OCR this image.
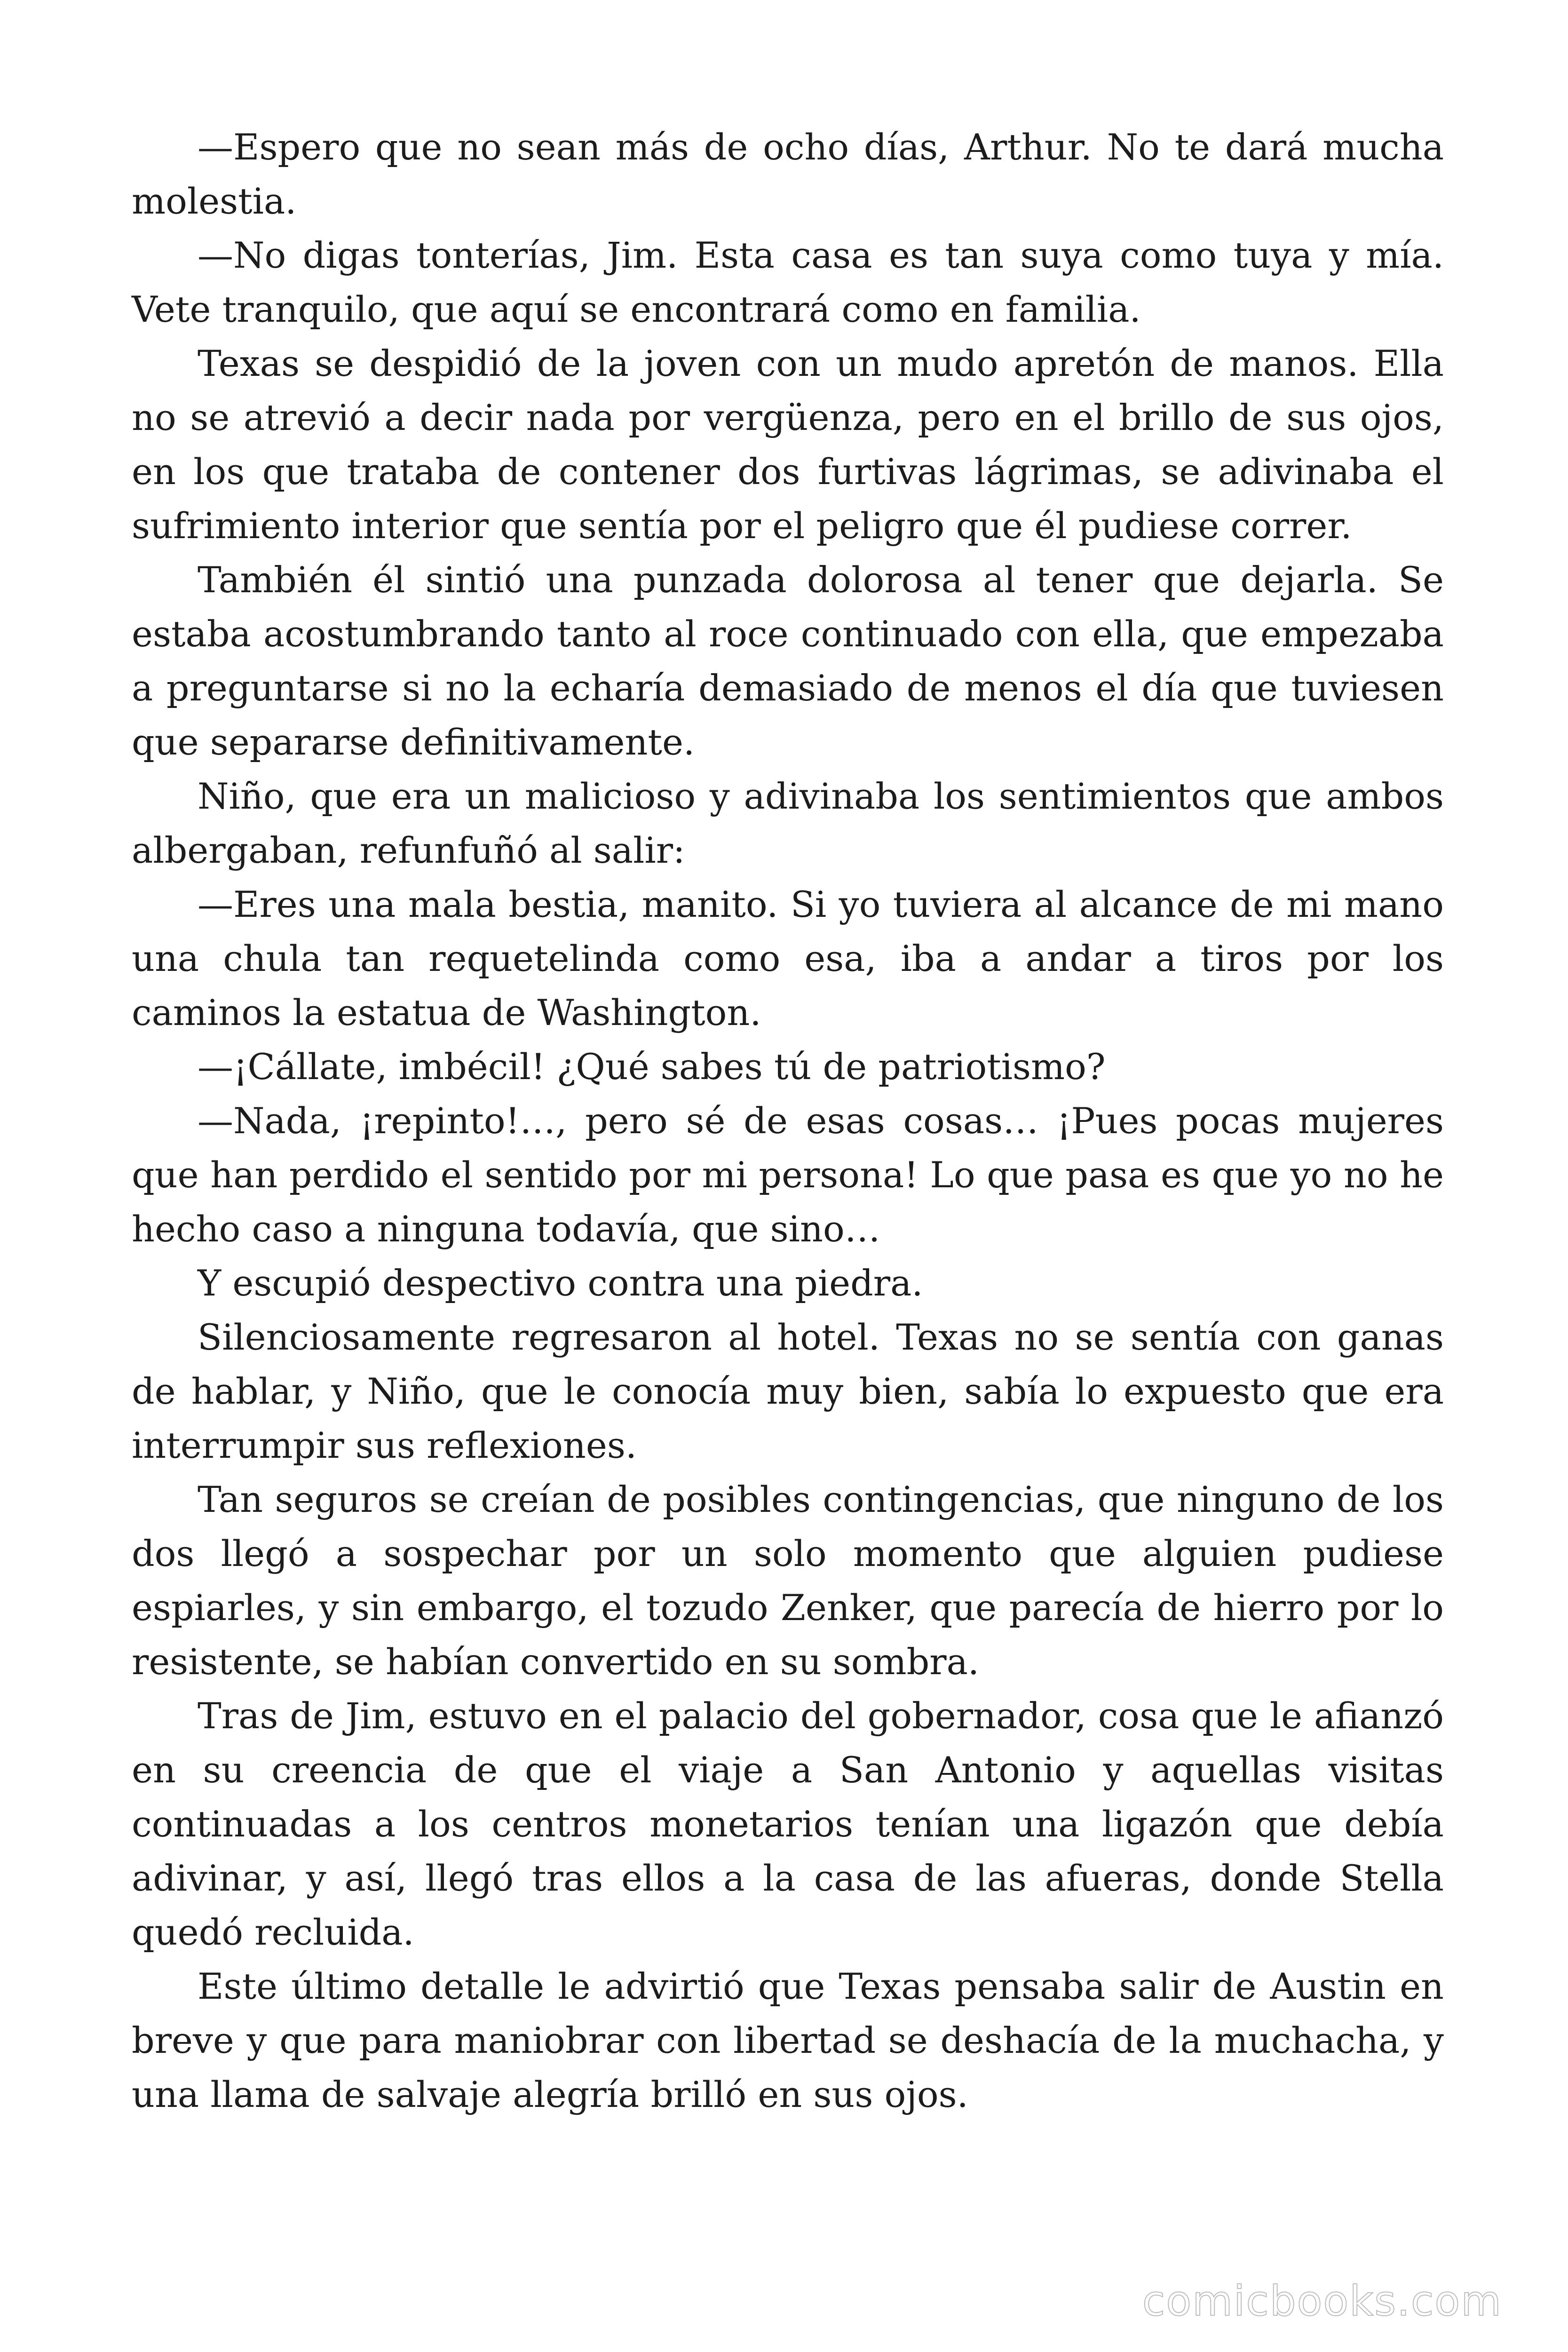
—Espero que no sean más de ocho días, Arthur. No te dará mucha molestia.

—No digas tonterías, Jim. Esta casa es tan suya como tuya y mía. Vete tranquilo, que aquí se encontrará como en familia.

Texas se despidió de la joven con un mudo apretón de manos. Ella no se atrevió a decir nada por vergüenza, pero en el brillo de sus ojos, en los que trataba de contener dos furtivas lágrimas, se adivinaba el sufrimiento interior que sentía por el peligro que él pudiese correr.

También él sintió una punzada dolorosa al tener que dejarla. Se estaba acostumbrando tanto al roce continuado con ella, que empezaba a preguntarse si no la echaría demasiado de menos el día que tuviesen que separarse definitivamente.

Niño, que era un malicioso y adivinaba los sentimientos que ambos albergaban, refunfuñó al salir:

—Eres una mala bestia, manito. Si yo tuviera al alcance de mi mano una chula tan requetelinda como esa, iba a andar a tiros por los caminos la estatua de Washington.

—¡Cállate, imbécil! ¿Qué sabes tú de patriotismo?

—Nada, ¡repinto!…, pero sé de esas cosas… ¡Pues pocas mujeres que han perdido el sentido por mi persona! Lo que pasa es que yo no he hecho caso a ninguna todavía, que sino…

Y escupió despectivo contra una piedra.

Silenciosamente regresaron al hotel. Texas no se sentía con ganas de hablar, y Niño, que le conocía muy bien, sabía lo expuesto que era interrumpir sus reflexiones.

Tan seguros se creían de posibles contingencias, que ninguno de los dos llegó a sospechar por un solo momento que alguien pudiese espiarles, y sin embargo, el tozudo Zenker, que parecía de hierro por lo resistente, se habían convertido en su sombra.

Tras de Jim, estuvo en el palacio del gobernador, cosa que le afianzó en su creencia de que el viaje a San Antonio y aquellas visitas continuadas a los centros monetarios tenían una ligazón que debía adivinar, y así, llegó tras ellos a la casa de las afueras, donde Stella quedó recluida.

Este último detalle le advirtió que Texas pensaba salir de Austin en breve y que para maniobrar con libertad se deshacía de la muchacha, y una llama de salvaje alegría brilló en sus ojos.

comicbooks.com
